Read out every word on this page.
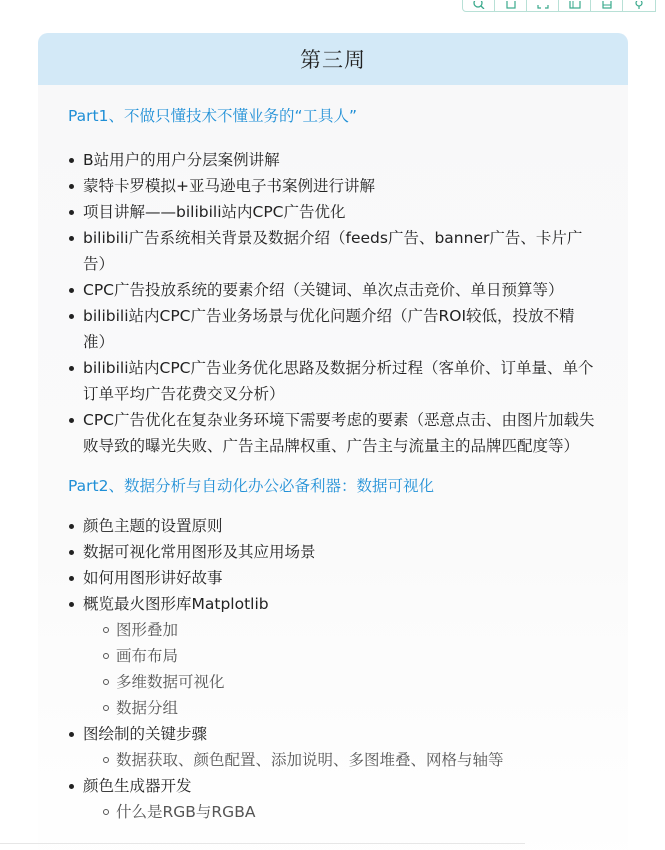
第三周
Part1、不做只懂技术不懂业务的“工具人”
B站用户的用户分层案例讲解
蒙特卡罗模拟+亚马逊电子书案例进行讲解
项目讲解——bilibili站内CPC广告优化
bilibili广告系统相关背景及数据介绍（feeds广告、banner广告、卡片广告）
CPC广告投放系统的要素介绍（关键词、单次点击竞价、单日预算等）
bilibili站内CPC广告业务场景与优化问题介绍（广告ROI较低，投放不精准）
bilibili站内CPC广告业务优化思路及数据分析过程（客单价、订单量、单个订单平均广告花费交叉分析）
CPC广告优化在复杂业务环境下需要考虑的要素（恶意点击、由图片加载失败导致的曝光失败、广告主品牌权重、广告主与流量主的品牌匹配度等）
Part2、数据分析与自动化办公必备利器：数据可视化
颜色主题的设置原则
数据可视化常用图形及其应用场景
如何用图形讲好故事
概览最火图形库Matplotlib
图形叠加
画布布局
多维数据可视化
数据分组
图绘制的关键步骤
数据获取、颜色配置、添加说明、多图堆叠、网格与轴等
颜色生成器开发
什么是RGB与RGBA
